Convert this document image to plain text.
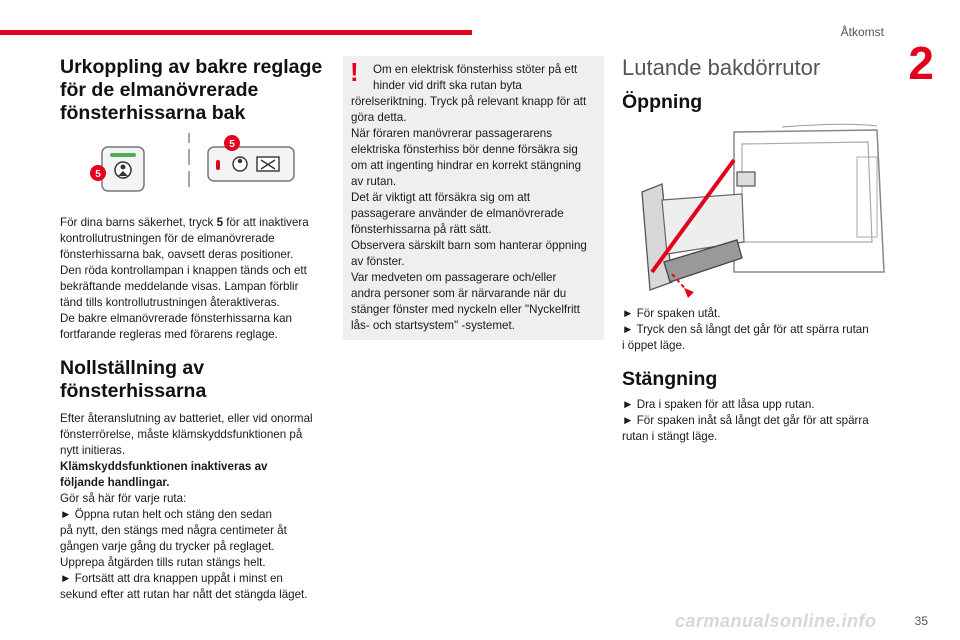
Åtkomst
2
Urkoppling av bakre reglage
för de elmanövrerade
fönsterhissarna bak
5
5

För dina barns säkerhet, tryck 5 för att inaktivera
kontrollutrustningen för de elmanövrerade
fönsterhissarna bak, oavsett deras positioner.
Den röda kontrollampan i knappen tänds och ett
bekräftande meddelande visas. Lampan förblir
tänd tills kontrollutrustningen återaktiveras.
De bakre elmanövrerade fönsterhissarna kan
fortfarande regleras med förarens reglage.

Nollställning av
fönsterhissarna

Efter återanslutning av batteriet, eller vid onormal
fönsterrörelse, måste klämskyddsfunktionen på
nytt initieras.
Klämskyddsfunktionen inaktiveras av
följande handlingar.
Gör så här för varje ruta:
► Öppna rutan helt och stäng den sedan
på nytt, den stängs med några centimeter åt
gången varje gång du trycker på reglaget.
Upprepa åtgärden tills rutan stängs helt.
► Fortsätt att dra knappen uppåt i minst en
sekund efter att rutan har nått det stängda läget.

!	Om en elektrisk fönsterhiss stöter på ett
hinder vid drift ska rutan byta
rörelseriktning. Tryck på relevant knapp för att
göra detta.
När föraren manövrerar passagerarens
elektriska fönsterhiss bör denne försäkra sig
om att ingenting hindrar en korrekt stängning
av rutan.
Det är viktigt att försäkra sig om att
passagerare använder de elmanövrerade
fönsterhissarna på rätt sätt.
Observera särskilt barn som hanterar öppning
av fönster.
Var medveten om passagerare och/eller
andra personer som är närvarande när du
stänger fönster med nyckeln eller "Nyckelfritt
lås- och startsystem" -systemet.
Lutande bakdörrutor
Öppning

► För spaken utåt.
► Tryck den så långt det går för att spärra rutan
i öppet läge.

Stängning

► Dra i spaken för att låsa upp rutan.
► För spaken inåt så långt det går för att spärra
rutan i stängt läge.

carmanualsonline.info	35
